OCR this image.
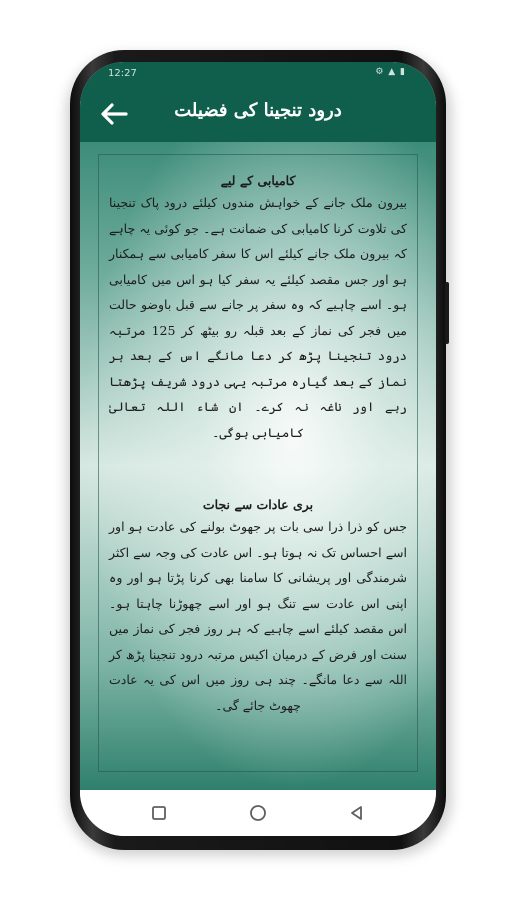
12:27	⚙ ▲ ▮
درود تنجینا کی فضیلت
کامیابی کے لیے
بیرون ملک جانے کے خواہش مندوں کیلئے درود پاک تنجینا کی تلاوت کرنا کامیابی کی ضمانت ہے۔ جو کوئی یہ چاہے کہ بیرون ملک جانے کیلئے اس کا سفر کامیابی سے ہمکنار ہو اور جس مقصد کیلئے یہ سفر کیا ہو اس میں کامیابی ہو۔ اسے چاہیے کہ وہ سفر پر جانے سے قبل باوضو حالت میں فجر کی نماز کے بعد قبلہ رو بیٹھ کر 125 مرتبہ درود تنجینا پڑھ کر دعا مانگے اس کے بعد ہر نماز کے بعد گیارہ مرتبہ یہی درود شریف پڑھتا رہے اور ناغہ نہ کرے۔ ان شاء اللہ تعالیٰ کامیابی ہوگی۔
بری عادات سے نجات
جس کو ذرا ذرا سی بات پر جھوٹ بولنے کی عادت ہو اور اسے احساس تک نہ ہوتا ہو۔ اس عادت کی وجہ سے اکثر شرمندگی اور پریشانی کا سامنا بھی کرنا پڑتا ہو اور وہ اپنی اس عادت سے تنگ ہو اور اسے چھوڑنا چاہتا ہو۔ اس مقصد کیلئے اسے چاہیے کہ ہر روز فجر کی نماز میں سنت اور فرض کے درمیان اکیس مرتبہ درود تنجینا پڑھ کر اللہ سے دعا مانگے۔ چند ہی روز میں اس کی یہ عادت چھوٹ جائے گی۔
